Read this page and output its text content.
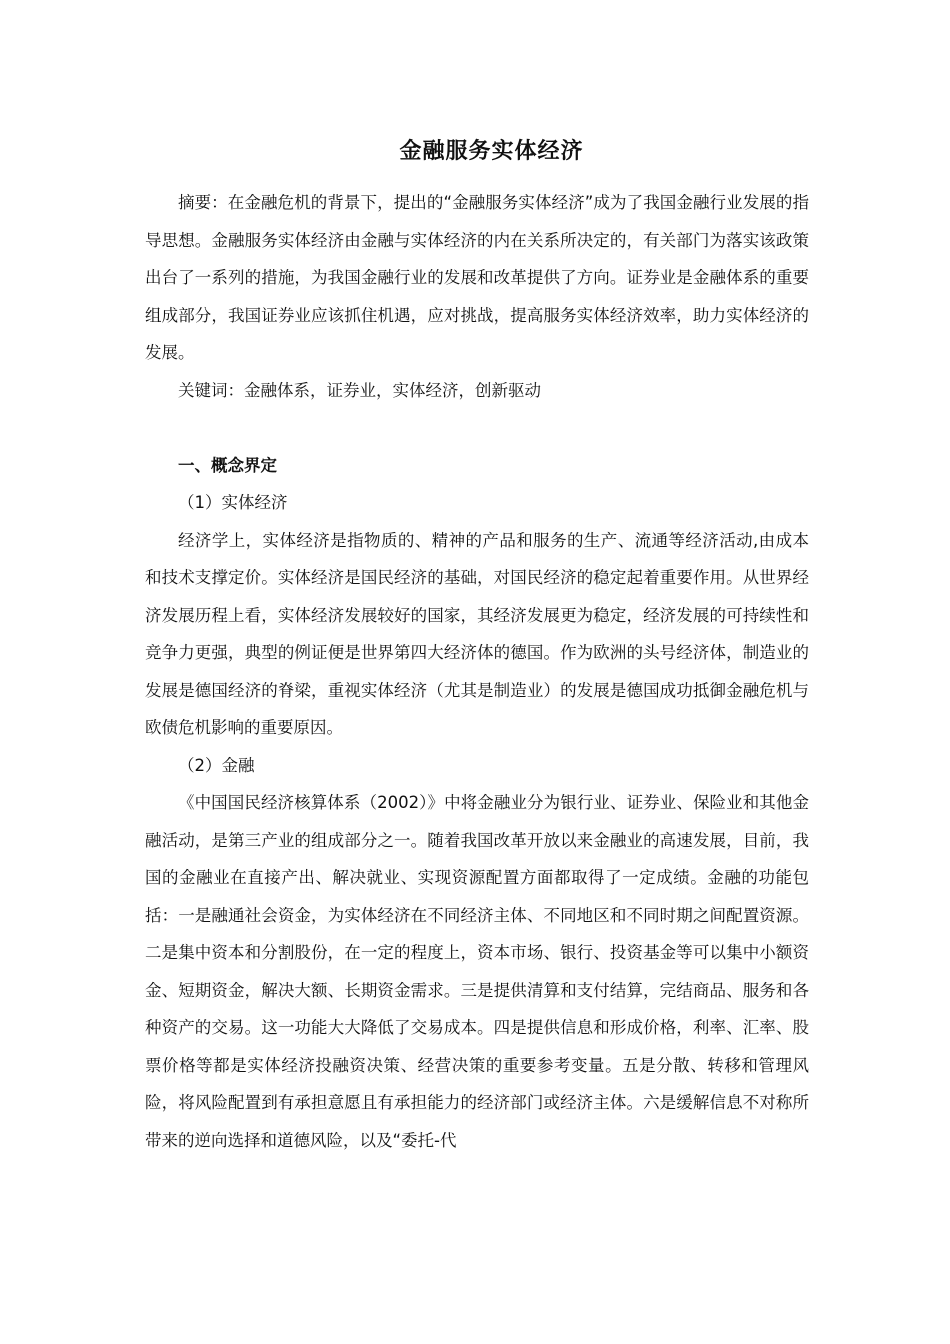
金融服务实体经济

摘要：在金融危机的背景下，提出的“金融服务实体经济”成为了我国金融行业发展的指导思想。金融服务实体经济由金融与实体经济的内在关系所决定的，有关部门为落实该政策出台了一系列的措施，为我国金融行业的发展和改革提供了方向。证券业是金融体系的重要组成部分，我国证券业应该抓住机遇，应对挑战，提高服务实体经济效率，助力实体经济的发展。

关键词：金融体系，证券业，实体经济，创新驱动

一、概念界定

（1）实体经济

经济学上，实体经济是指物质的、精神的产品和服务的生产、流通等经济活动,由成本和技术支撑定价。实体经济是国民经济的基础，对国民经济的稳定起着重要作用。从世界经济发展历程上看，实体经济发展较好的国家，其经济发展更为稳定，经济发展的可持续性和竞争力更强，典型的例证便是世界第四大经济体的德国。作为欧洲的头号经济体，制造业的发展是德国经济的脊梁，重视实体经济（尤其是制造业）的发展是德国成功抵御金融危机与欧债危机影响的重要原因。

（2）金融

《中国国民经济核算体系（2002）》中将金融业分为银行业、证券业、保险业和其他金融活动，是第三产业的组成部分之一。随着我国改革开放以来金融业的高速发展，目前，我国的金融业在直接产出、解决就业、实现资源配置方面都取得了一定成绩。金融的功能包括：一是融通社会资金，为实体经济在不同经济主体、不同地区和不同时期之间配置资源。二是集中资本和分割股份，在一定的程度上，资本市场、银行、投资基金等可以集中小额资金、短期资金，解决大额、长期资金需求。三是提供清算和支付结算，完结商品、服务和各种资产的交易。这一功能大大降低了交易成本。四是提供信息和形成价格，利率、汇率、股票价格等都是实体经济投融资决策、经营决策的重要参考变量。五是分散、转移和管理风险，将风险配置到有承担意愿且有承担能力的经济部门或经济主体。六是缓解信息不对称所带来的逆向选择和道德风险，以及“委托-代
